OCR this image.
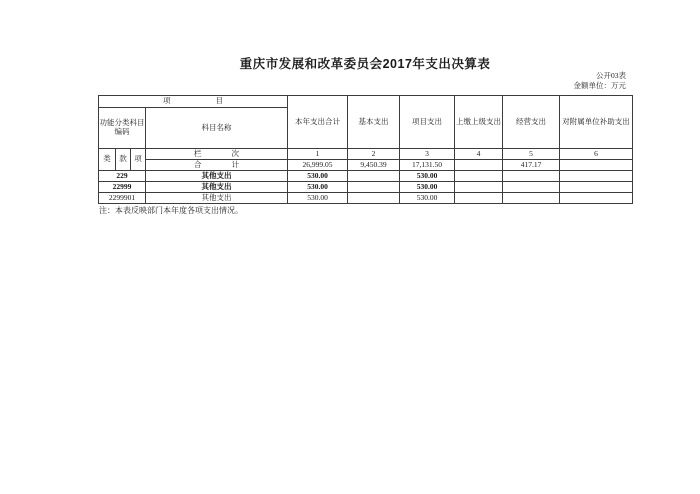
重庆市发展和改革委员会2017年支出决算表
公开03表
金额单位：万元
项　　　　　　目				本年支出合计	基本支出	项目支出	上缴上级支出	经营支出	对附属单位补助支出
功能分类科目编码			科目名称						
类	款	项	栏　　　　次	1	2	3	4	5	6
			合　　　　计	26,999.05	9,450.39	17,131.50		417.17	
229			其他支出	530.00		530.00			
22999			其他支出	530.00		530.00			
2299901			其他支出	530.00		530.00			
注：本表反映部门本年度各项支出情况。
